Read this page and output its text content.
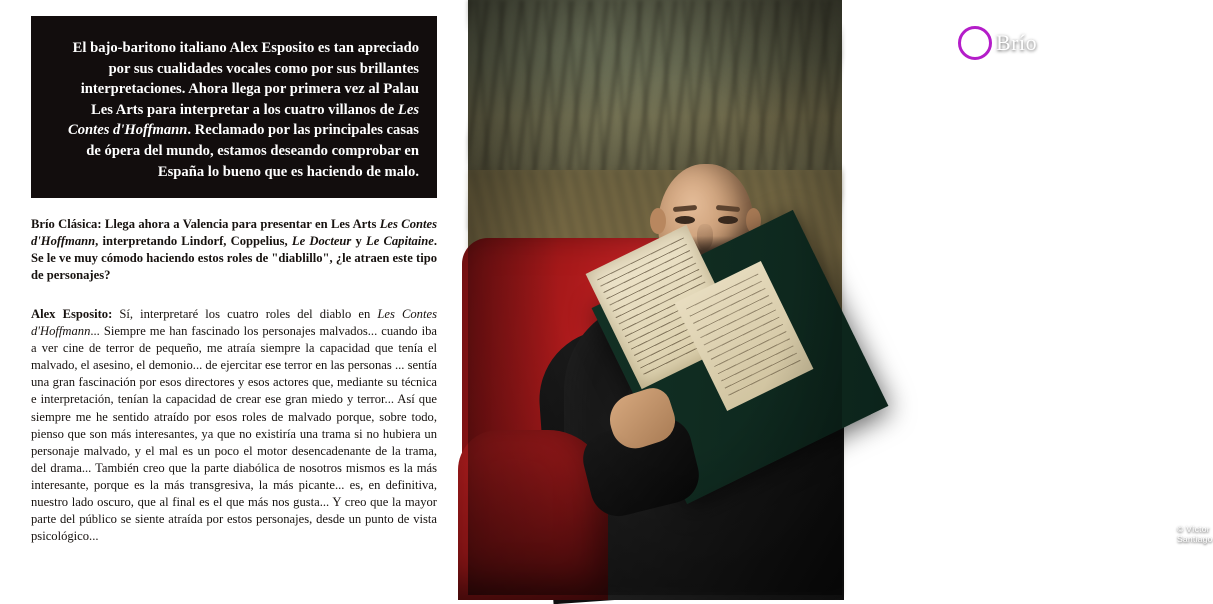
El bajo-baritono italiano Alex Esposito es tan apreciado por sus cualidades vocales como por sus brillantes interpretaciones. Ahora llega por primera vez al Palau Les Arts para interpretar a los cuatro villanos de Les Contes d'Hoffmann. Reclamado por las principales casas de ópera del mundo, estamos deseando comprobar en España lo bueno que es haciendo de malo.

Brío Clásica: Llega ahora a Valencia para presentar en Les Arts Les Contes d'Hoffmann, interpretando Lindorf, Coppelius, Le Docteur y Le Capitaine. Se le ve muy cómodo haciendo estos roles de "diablillo", ¿le atraen este tipo de personajes?

Alex Esposito: Sí, interpretaré los cuatro roles del diablo en Les Contes d'Hoffmann... Siempre me han fascinado los personajes malvados... cuando iba a ver cine de terror de pequeño, me atraía siempre la capacidad que tenía el malvado, el asesino, el demonio... de ejercitar ese terror en las personas ... sentía una gran fascinación por esos directores y esos actores que, mediante su técnica e interpretación, tenían la capacidad de crear ese gran miedo y terror... Así que siempre me he sentido atraído por esos roles de malvado porque, sobre todo, pienso que son más interesantes, ya que no existiría una trama si no hubiera un personaje malvado, y el mal es un poco el motor desencadenante de la trama, del drama... También creo que la parte diabólica de nosotros mismos es la más interesante, porque es la más transgresiva, la más picante... es, en definitiva, nuestro lado oscuro, que al final es el que más nos gusta... Y creo que la mayor parte del público se siente atraída por estos personajes, desde un punto de vista psicológico...

Brío
© Víctor Santiago
